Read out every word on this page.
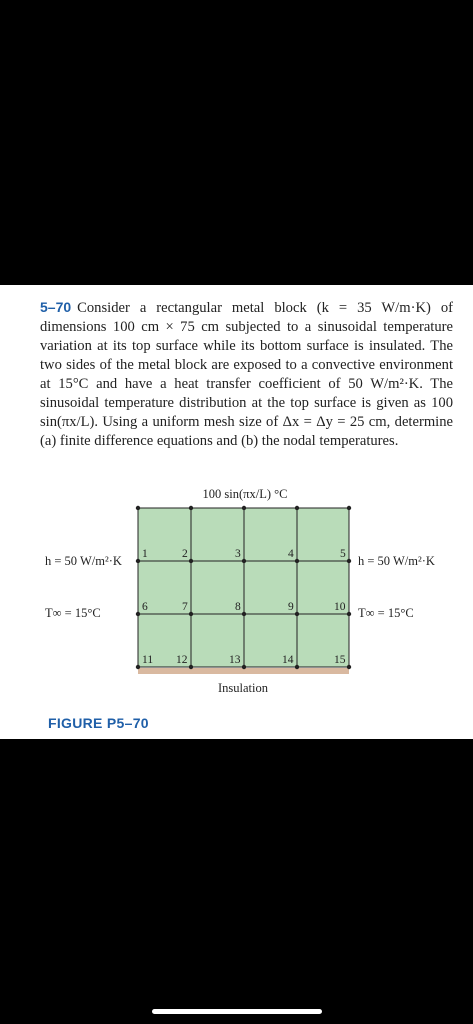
5–70 Consider a rectangular metal block (k = 35 W/m·K) of dimensions 100 cm × 75 cm subjected to a sinusoidal temperature variation at its top surface while its bottom surface is insulated. The two sides of the metal block are exposed to a convective environment at 15°C and have a heat transfer coefficient of 50 W/m²·K. The sinusoidal temperature distribution at the top surface is given as 100 sin(πx/L). Using a uniform mesh size of Δx = Δy = 25 cm, determine (a) finite difference equations and (b) the nodal temperatures.
100 sin(πx/L) °C
Insulation
1	2	3	4	5
6	7	8	9	10
11 12	13	14	15
h = 50 W/m²·K
T∞ = 15°C
h = 50 W/m²·K
T∞ = 15°C
FIGURE P5–70
